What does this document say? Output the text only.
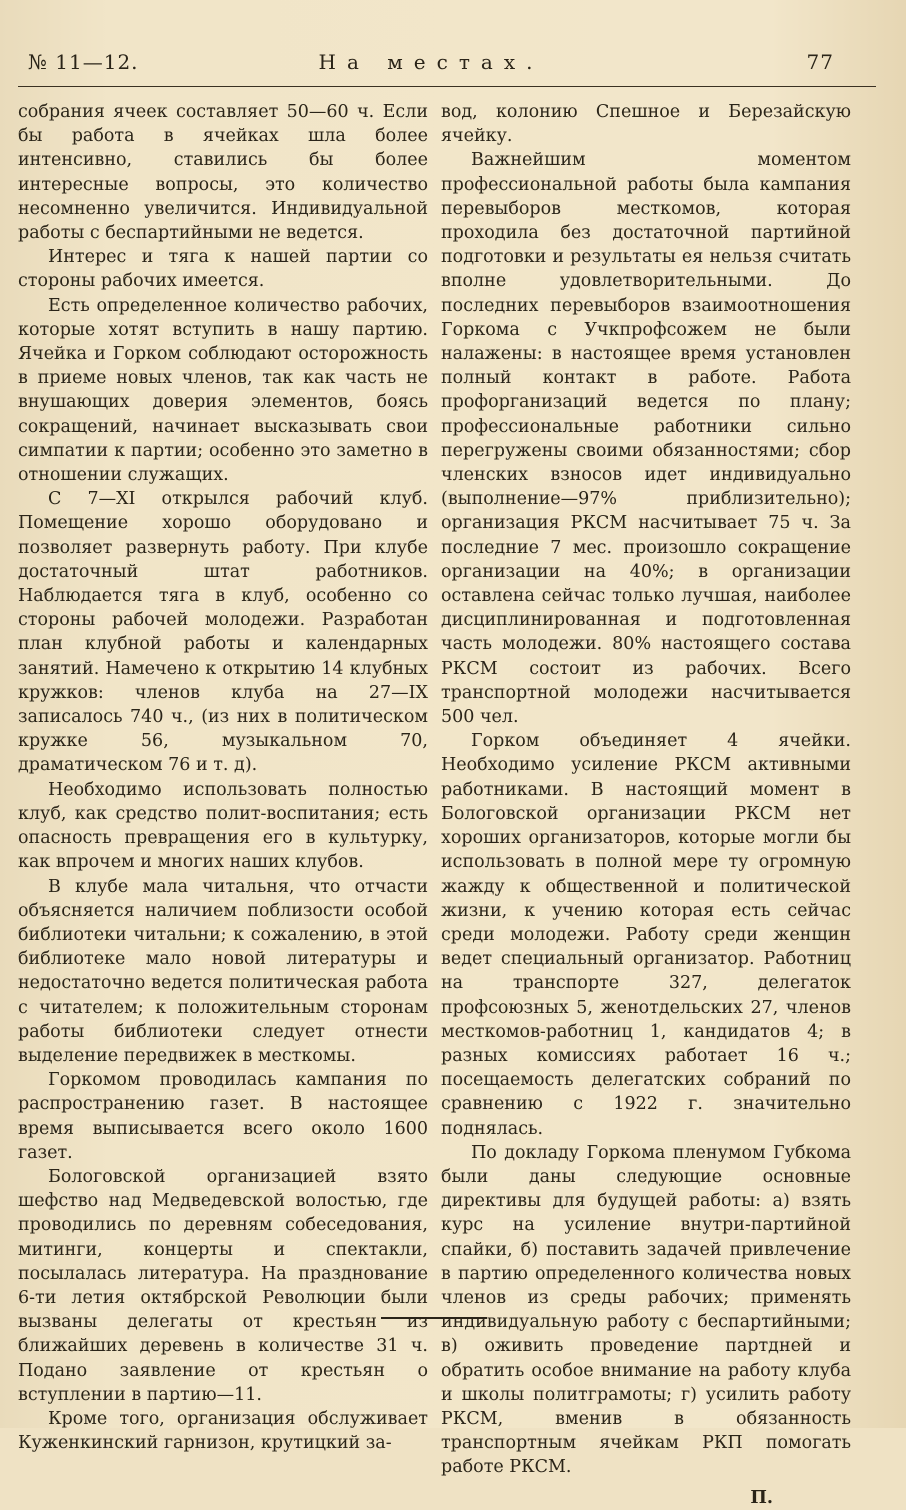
№ 11—12.	На местах.	77

собрания ячеек составляет 50—60 ч. Если бы работа в ячейках шла более интенсивно, ставились бы более интересные вопросы, это количество несомненно увеличится. Индивидуальной работы с беспартийными не ведется.

Интерес и тяга к нашей партии со стороны рабочих имеется.

Есть определенное количество рабочих, которые хотят вступить в нашу партию. Ячейка и Горком соблюдают осторожность в приеме новых членов, так как часть не внушающих доверия элементов, боясь сокращений, начинает высказывать свои симпатии к партии; особенно это заметно в отношении служащих.

С 7—XI открылся рабочий клуб. Помещение хорошо оборудовано и позволяет развернуть работу. При клубе достаточный штат работников. Наблюдается тяга в клуб, особенно со стороны рабочей молодежи. Разработан план клубной работы и календарных занятий. Намечено к открытию 14 клубных кружков: членов клуба на 27—IX записалось 740 ч., (из них в политическом кружке 56, музыкальном 70, драматическом 76 и т. д).

Необходимо использовать полностью клуб, как средство полит-воспитания; есть опасность превращения его в культурку, как впрочем и многих наших клубов.

В клубе мала читальня, что отчасти объясняется наличием поблизости особой библиотеки читальни; к сожалению, в этой библиотеке мало новой литературы и недостаточно ведется политическая работа с читателем; к положительным сторонам работы библиотеки следует отнести выделение передвижек в месткомы.

Горкомом проводилась кампания по распространению газет. В настоящее время выписывается всего около 1600 газет.

Бологовской организацией взято шефство над Медведевской волостью, где проводились по деревням собеседования, митинги, концерты и спектакли, посылалась литература. На празднование 6-ти летия октябрской Революции были вызваны делегаты от крестьян из ближайших деревень в количестве 31 ч. Подано заявление от крестьян о вступлении в партию—11.

Кроме того, организация обслуживает Куженкинский гарнизон, крутицкий за-

вод, колонию Спешное и Березайскую ячейку.

Важнейшим моментом профессиональной работы была кампания перевыборов месткомов, которая проходила без достаточной партийной подготовки и результаты ея нельзя считать вполне удовлетворительными. До последних перевыборов взаимоотношения Горкома с Учкпрофсожем не были налажены: в настоящее время установлен полный контакт в работе. Работа профорганизаций ведется по плану; профессиональные работники сильно перегружены своими обязанностями; сбор членских взносов идет индивидуально (выполнение—97% приблизительно); организация РКСМ насчитывает 75 ч. За последние 7 мес. произошло сокращение организации на 40%; в организации оставлена сейчас только лучшая, наиболее дисциплинированная и подготовленная часть молодежи. 80% настоящего состава РКСМ состоит из рабочих. Всего транспортной молодежи насчитывается 500 чел.

Горком объединяет 4 ячейки. Необходимо усиление РКСМ активными работниками. В настоящий момент в Бологовской организации РКСМ нет хороших организаторов, которые могли бы использовать в полной мере ту огромную жажду к общественной и политической жизни, к учению которая есть сейчас среди молодежи. Работу среди женщин ведет специальный организатор. Работниц на транспорте 327, делегаток профсоюзных 5, женотдельских 27, членов месткомов-работниц 1, кандидатов 4; в разных комиссиях работает 16 ч.; посещаемость делегатских собраний по сравнению с 1922 г. значительно поднялась.

По докладу Горкома пленумом Губкома были даны следующие основные директивы для будущей работы: а) взять курс на усиление внутри-партийной спайки, б) поставить задачей привлечение в партию определенного количества новых членов из среды рабочих; применять индивидуальную работу с беспартийными; в) оживить проведение партдней и обратить особое внимание на работу клуба и школы политграмоты; г) усилить работу РКСМ, вменив в обязанность транспортным ячейкам РКП помогать работе РКСМ.

П.
